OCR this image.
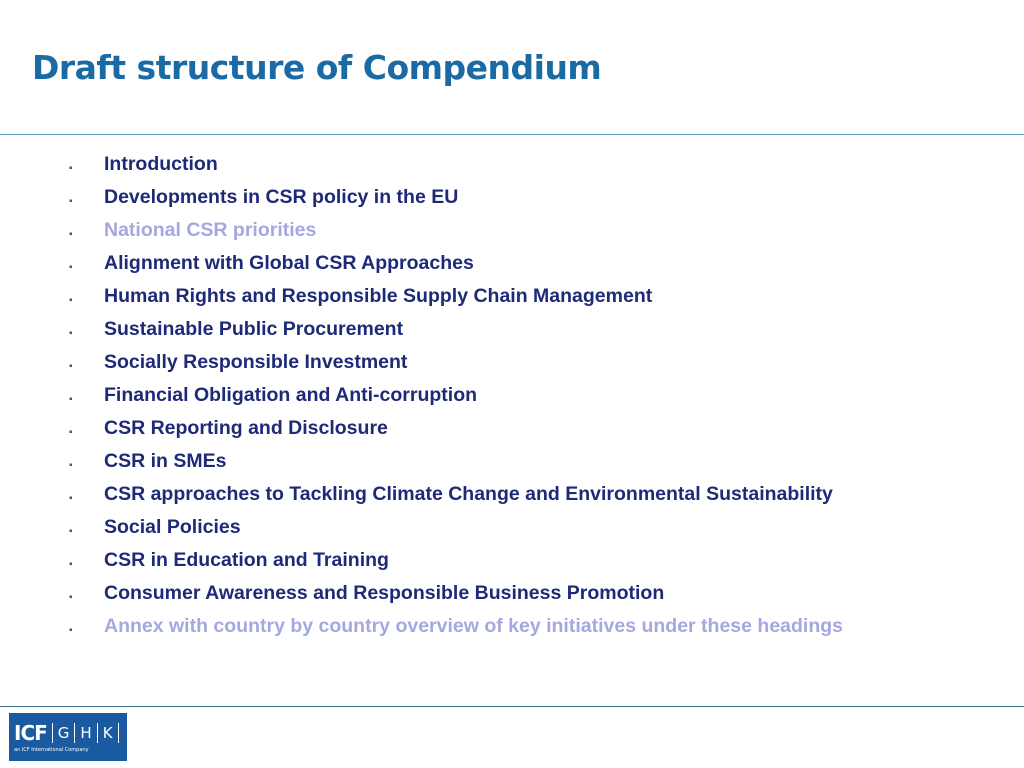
Draft structure of Compendium
▪ Introduction
▪ Developments in CSR policy in the EU
▪ National CSR priorities
▪ Alignment with Global CSR Approaches
▪ Human Rights and Responsible Supply Chain Management
▪ Sustainable Public Procurement
▪ Socially Responsible Investment
▪ Financial Obligation and Anti-corruption
▪ CSR Reporting and Disclosure
▪ CSR in SMEs
▪ CSR approaches to Tackling Climate Change and Environmental Sustainability
▪ Social Policies
▪ CSR in Education and Training
▪ Consumer Awareness and Responsible Business Promotion
▪ Annex with country by country overview of key initiatives under these headings
ICF G H K
an ICF International Company
